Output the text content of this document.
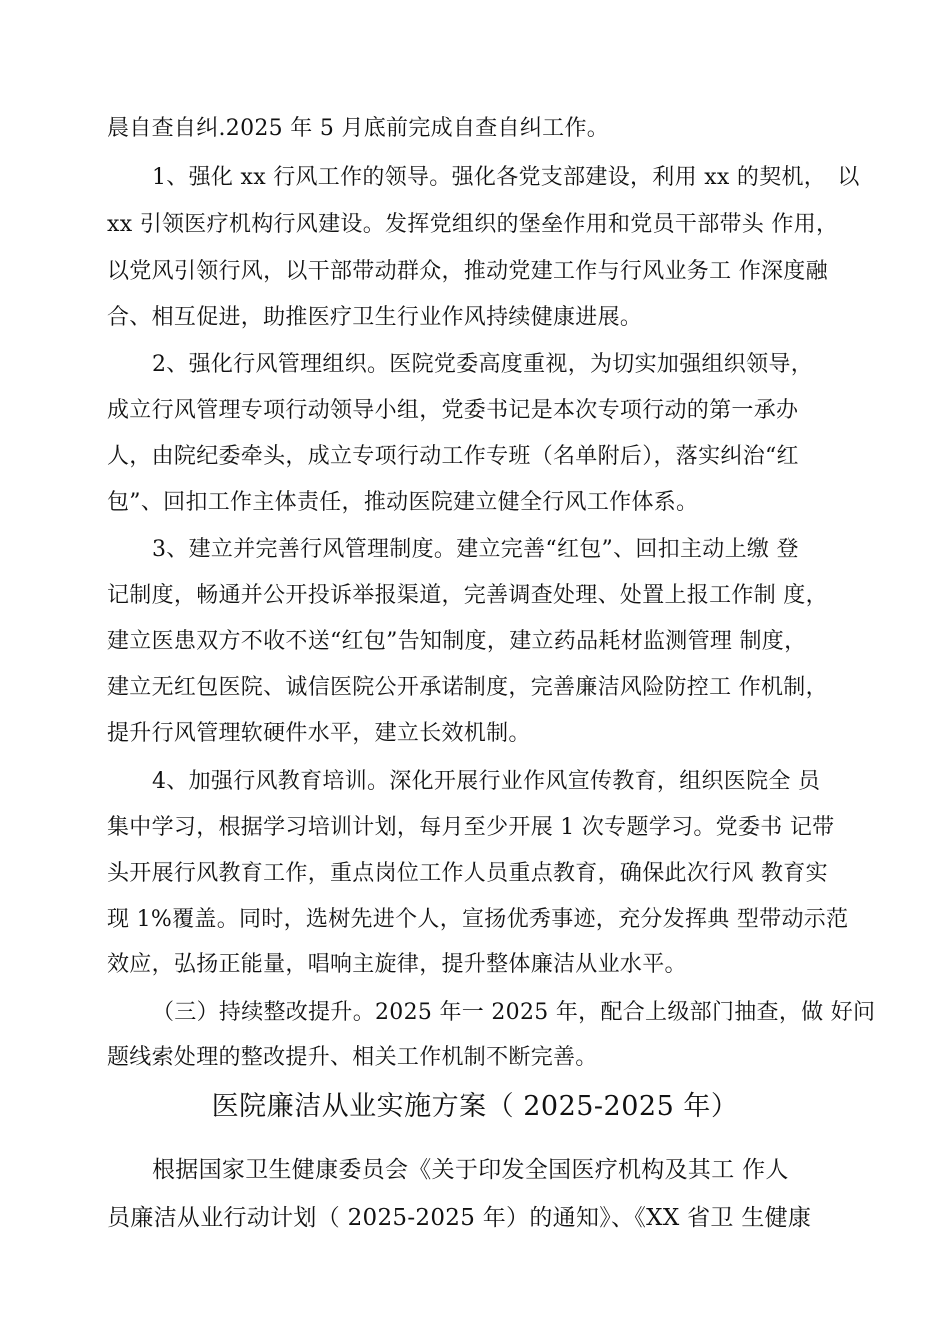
晨自查自纠.2025 年 5 月底前完成自查自纠工作。
1、强化 xx 行风工作的领导。强化各党支部建设，利用 xx 的契机，　以
xx 引领医疗机构行风建设。发挥党组织的堡垒作用和党员干部带头 作用，
以党风引领行风，以干部带动群众，推动党建工作与行风业务工 作深度融
合、相互促进，助推医疗卫生行业作风持续健康进展。
2、强化行风管理组织。医院党委高度重视，为切实加强组织领导，
成立行风管理专项行动领导小组，党委书记是本次专项行动的第一承办
人，由院纪委牵头，成立专项行动工作专班（名单附后），落实纠治“红
包”、回扣工作主体责任，推动医院建立健全行风工作体系。
3、建立并完善行风管理制度。建立完善“红包”、回扣主动上缴 登
记制度，畅通并公开投诉举报渠道，完善调查处理、处置上报工作制 度，
建立医患双方不收不送“红包”告知制度，建立药品耗材监测管理 制度，
建立无红包医院、诚信医院公开承诺制度，完善廉洁风险防控工 作机制，
提升行风管理软硬件水平，建立长效机制。
4、加强行风教育培训。深化开展行业作风宣传教育，组织医院全 员
集中学习，根据学习培训计划，每月至少开展 1 次专题学习。党委书 记带
头开展行风教育工作，重点岗位工作人员重点教育，确保此次行风 教育实
现 1%覆盖。同时，选树先进个人，宣扬优秀事迹，充分发挥典 型带动示范
效应，弘扬正能量，唱响主旋律，提升整体廉洁从业水平。
（三）持续整改提升。2025 年一 2025 年，配合上级部门抽查，做 好问
题线索处理的整改提升、相关工作机制不断完善。
医院廉洁从业实施方案（ 2025-2025 年）
根据国家卫生健康委员会《关于印发全国医疗机构及其工 作人
员廉洁从业行动计划（ 2025-2025 年）的通知》、《XX 省卫 生健康
